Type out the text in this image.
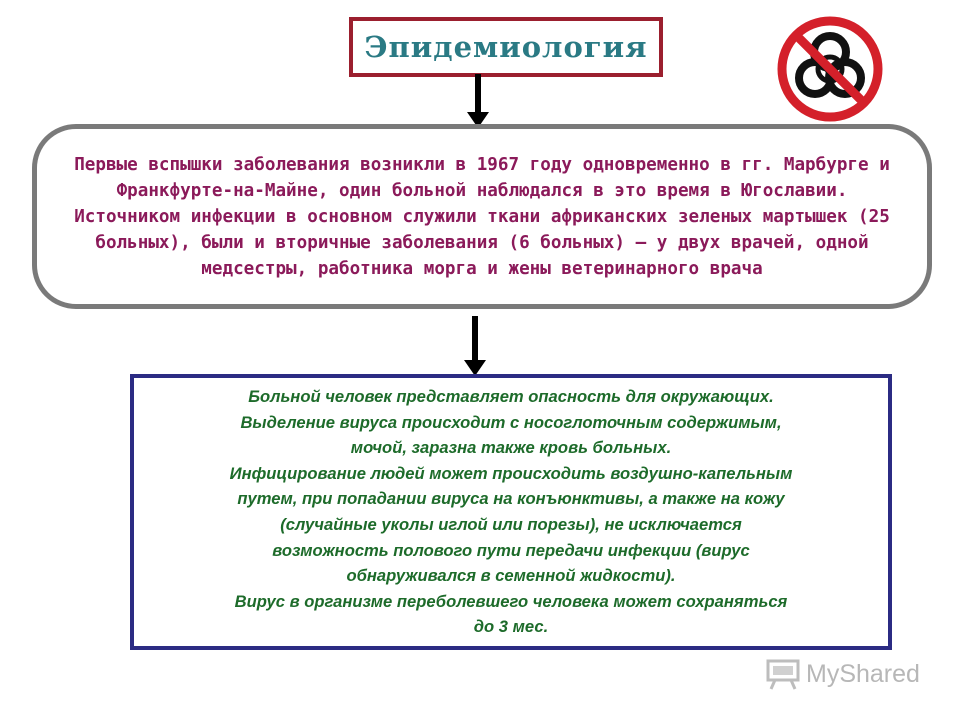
Эпидемиология
Первые вспышки заболевания возникли в 1967 году одновременно в гг. Марбурге и Франкфурте-на-Майне, один больной наблюдался в это время в Югославии. Источником инфекции в основном служили ткани африканских зеленых мартышек (25 больных), были и вторичные заболевания (6 больных) — у двух врачей, одной медсестры, работника морга и жены ветеринарного врача
Больной человек представляет опасность для окружающих.
Выделение вируса происходит с носоглоточным содержимым,
мочой, заразна также кровь больных.
Инфицирование людей может происходить воздушно-капельным
путем, при попадании вируса на конъюнктивы, а также на кожу
(случайные уколы иглой или порезы), не исключается
возможность полового пути передачи инфекции (вирус
обнаруживался в семенной жидкости).
Вирус в организме переболевшего человека может сохраняться
до 3 мес.
MyShared
